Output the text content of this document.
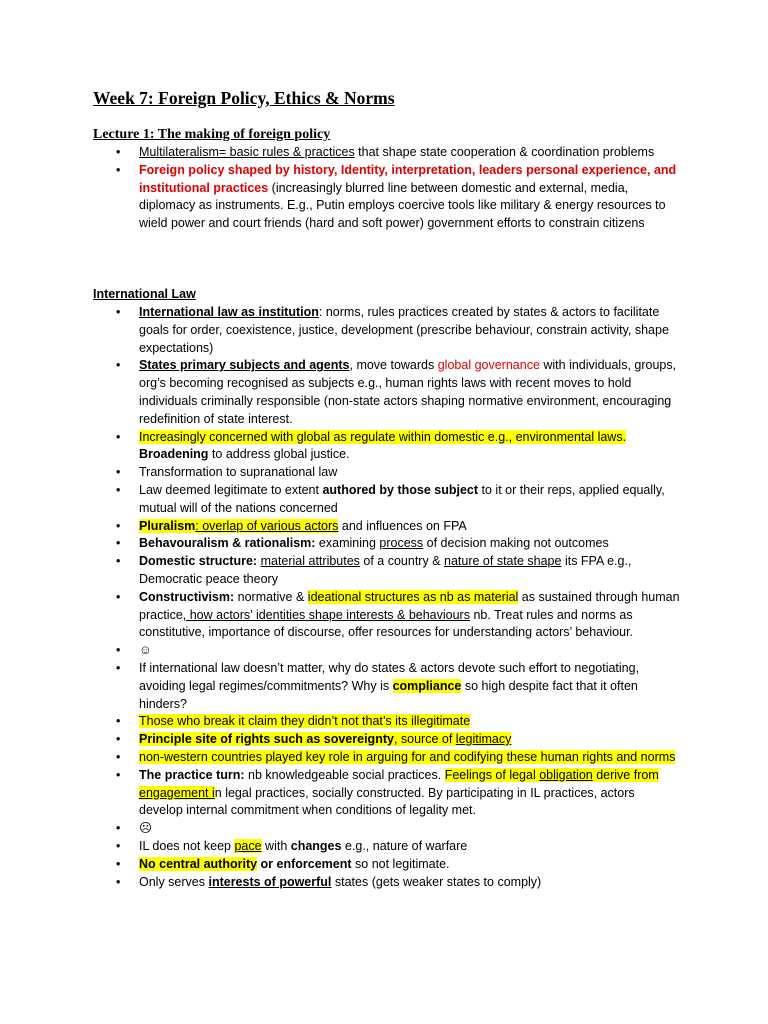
Week 7: Foreign Policy, Ethics & Norms
Lecture 1: The making of foreign policy
• Multilateralism= basic rules & practices that shape state cooperation & coordination problems
• Foreign policy shaped by history, Identity, interpretation, leaders personal experience, and institutional practices (increasingly blurred line between domestic and external, media, diplomacy as instruments. E.g., Putin employs coercive tools like military & energy resources to wield power and court friends (hard and soft power) government efforts to constrain citizens
International Law
• International law as institution: norms, rules practices created by states & actors to facilitate goals for order, coexistence, justice, development (prescribe behaviour, constrain activity, shape expectations)
• States primary subjects and agents, move towards global governance with individuals, groups, org’s becoming recognised as subjects e.g., human rights laws with recent moves to hold individuals criminally responsible (non-state actors shaping normative environment, encouraging redefinition of state interest.
• Increasingly concerned with global as regulate within domestic e.g., environmental laws. Broadening to address global justice.
• Transformation to supranational law
• Law deemed legitimate to extent authored by those subject to it or their reps, applied equally, mutual will of the nations concerned
• Pluralism: overlap of various actors and influences on FPA
• Behavouralism & rationalism: examining process of decision making not outcomes
• Domestic structure: material attributes of a country & nature of state shape its FPA e.g., Democratic peace theory
• Constructivism: normative & ideational structures as nb as material as sustained through human practice, how actors’ identities shape interests & behaviours nb. Treat rules and norms as constitutive, importance of discourse, offer resources for understanding actors’ behaviour.
• ☺
• If international law doesn’t matter, why do states & actors devote such effort to negotiating, avoiding legal regimes/commitments? Why is compliance so high despite fact that it often hinders?
• Those who break it claim they didn’t not that’s its illegitimate
• Principle site of rights such as sovereignty, source of legitimacy
• non-western countries played key role in arguing for and codifying these human rights and norms
• The practice turn: nb knowledgeable social practices. Feelings of legal obligation derive from engagement in legal practices, socially constructed. By participating in IL practices, actors develop internal commitment when conditions of legality met.
• ☹
• IL does not keep pace with changes e.g., nature of warfare
• No central authority or enforcement so not legitimate.
• Only serves interests of powerful states (gets weaker states to comply)
